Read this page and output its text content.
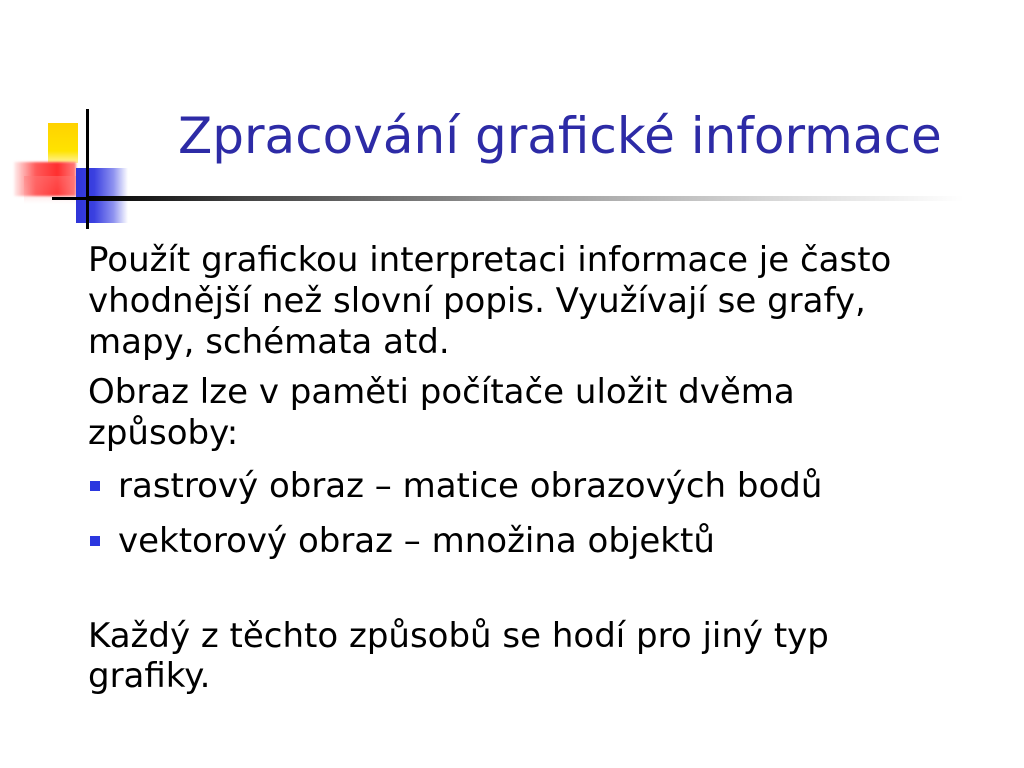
Zpracování grafické informace

Použít grafickou interpretaci informace je často vhodnější než slovní popis. Využívají se grafy, mapy, schémata atd.

Obraz lze v paměti počítače uložit dvěma způsoby:

rastrový obraz – matice obrazových bodů
vektorový obraz – množina objektů

Každý z těchto způsobů se hodí pro jiný typ grafiky.
